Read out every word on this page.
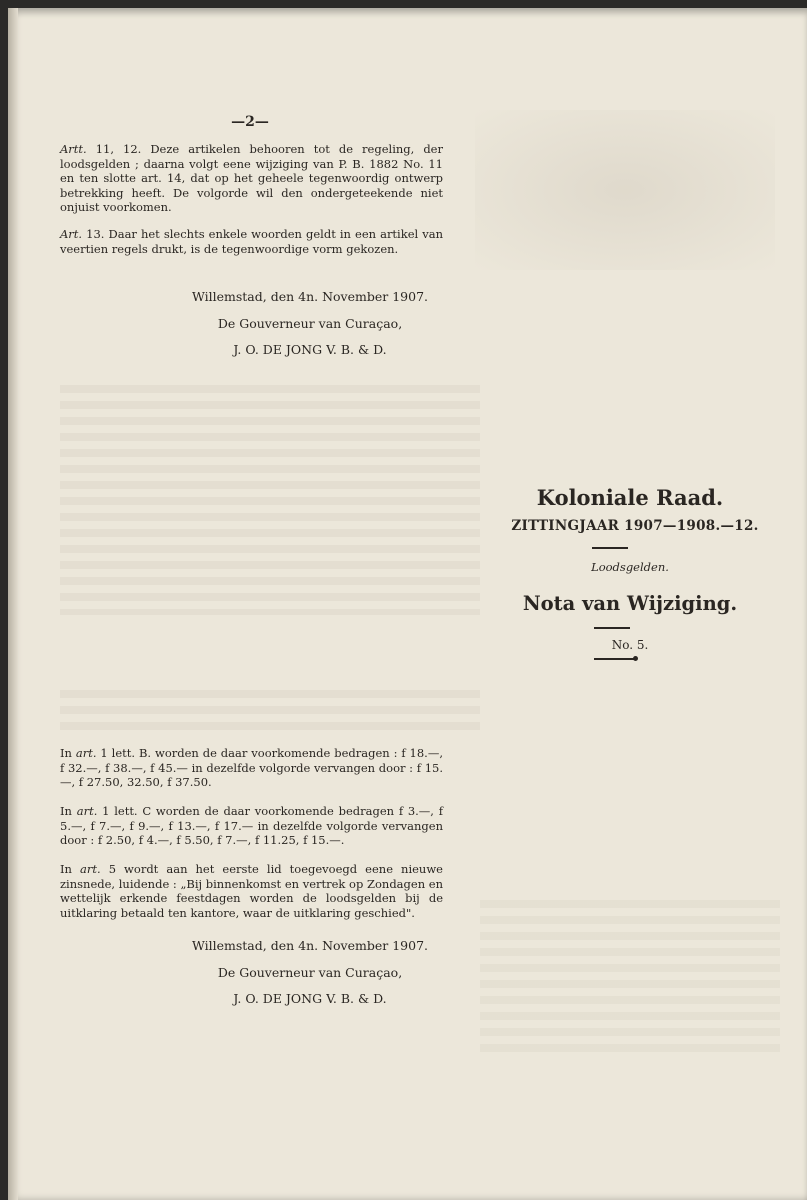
—2—
Artt. 11, 12. Deze artikelen behooren tot de regeling, der loodsgelden ; daarna volgt eene wijziging van P. B. 1882 No. 11 en ten slotte art. 14, dat op het geheele tegenwoordig ontwerp betrekking heeft. De volgorde wil den ondergeteekende niet onjuist voorkomen.
Art. 13. Daar het slechts enkele woorden geldt in een artikel van veertien regels drukt, is de tegenwoordige vorm gekozen.
Willemstad, den 4n. November 1907.
De Gouverneur van Curaçao,
J. O. DE JONG V. B. & D.
In art. 1 lett. B. worden de daar voorkomende bedragen : f 18.—, f 32.—, f 38.—, f 45.— in dezelfde volgorde vervangen door : f 15.—, f 27.50, 32.50, f 37.50.
In art. 1 lett. C worden de daar voorkomende bedragen f 3.—, f 5.—, f 7.—, f 9.—, f 13.—, f 17.— in dezelfde volgorde vervangen door : f 2.50, f 4.—, f 5.50, f 7.—, f 11.25, f 15.—.
In art. 5 wordt aan het eerste lid toegevoegd eene nieuwe zinsnede, luidende : „Bij binnenkomst en vertrek op Zondagen en wettelijk erkende feestdagen worden de loodsgelden bij de uitklaring betaald ten kantore, waar de uitklaring geschied".
Willemstad, den 4n. November 1907.
De Gouverneur van Curaçao,
J. O. DE JONG V. B. & D.
Koloniale Raad.
ZITTINGJAAR 1907—1908.—12.
Loodsgelden.
Nota van Wijziging.
No. 5.
